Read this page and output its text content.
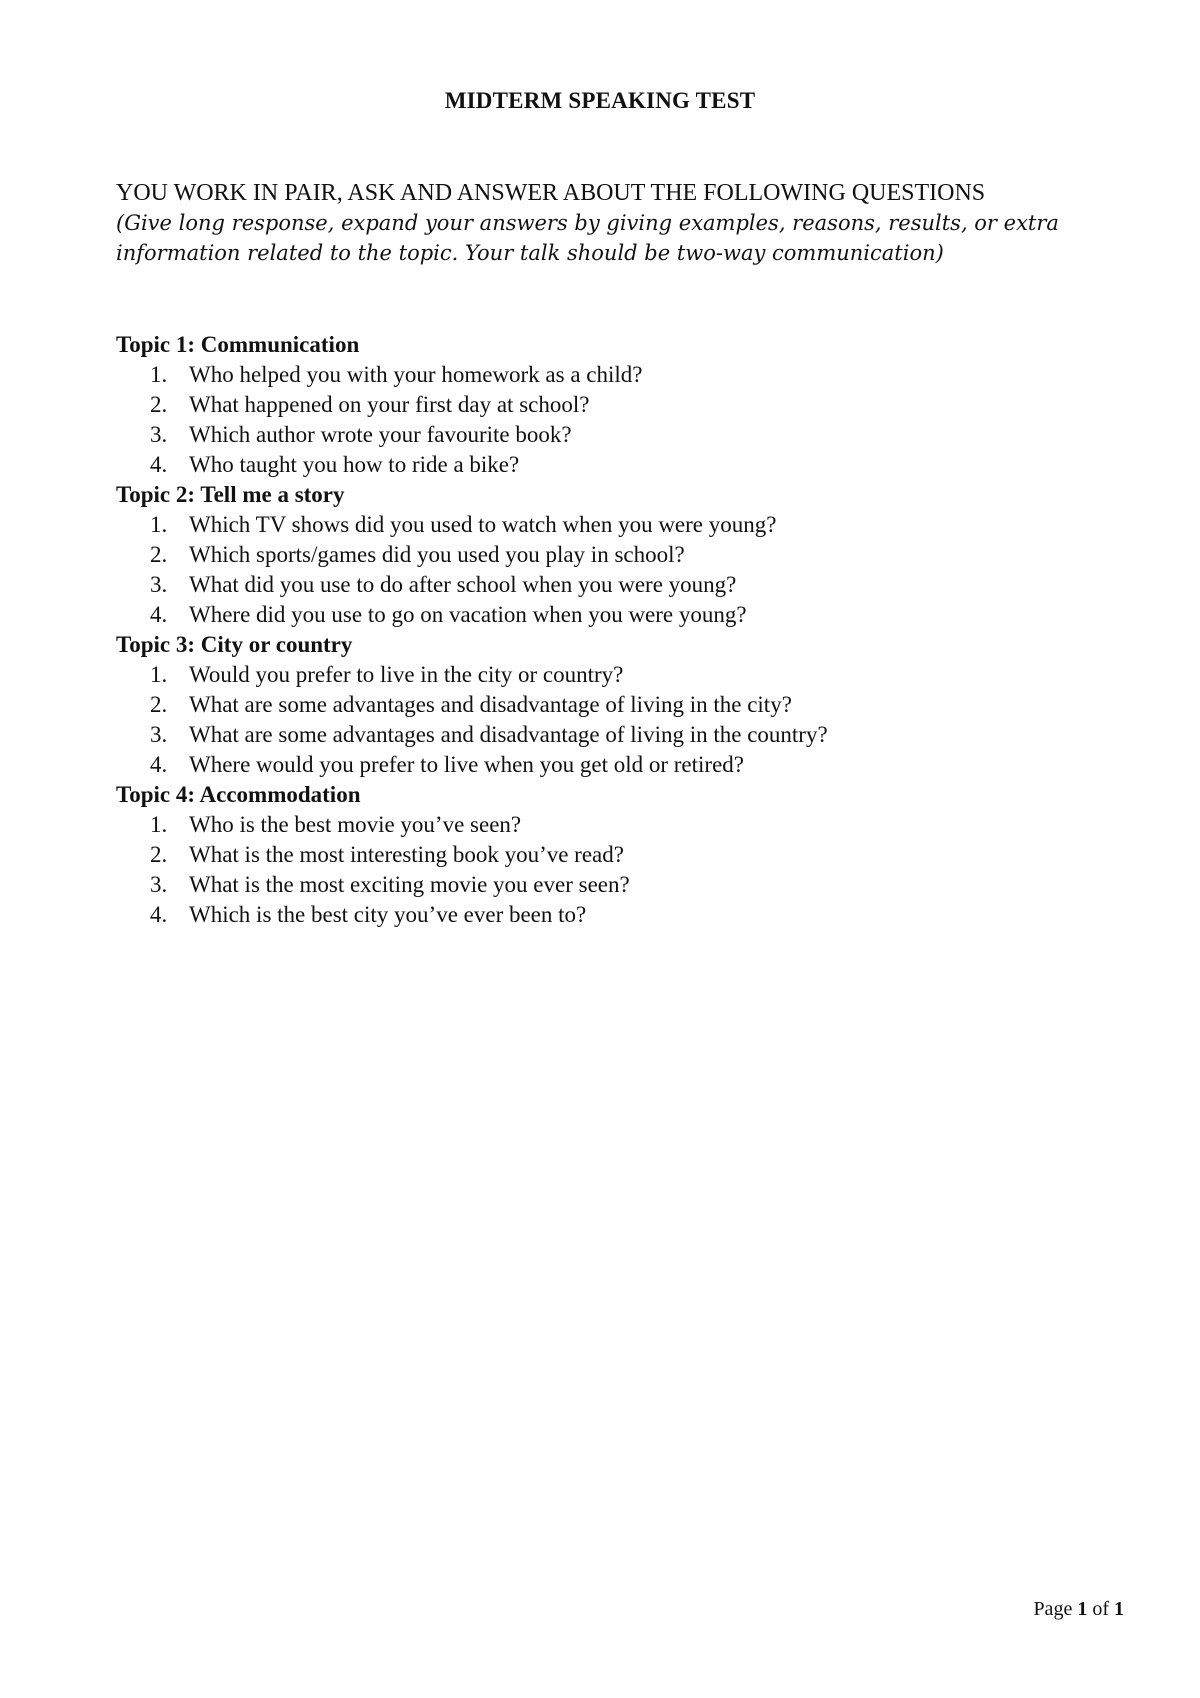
MIDTERM SPEAKING TEST

YOU WORK IN PAIR, ASK AND ANSWER ABOUT THE FOLLOWING QUESTIONS

(Give long response, expand your answers by giving examples, reasons, results, or extra

information related to the topic. Your talk should be two-way communication)

Topic 1: Communication

1. Who helped you with your homework as a child?
2. What happened on your first day at school?
3. Which author wrote your favourite book?
4. Who taught you how to ride a bike?

Topic 2: Tell me a story

1. Which TV shows did you used to watch when you were young?
2. Which sports/games did you used you play in school?
3. What did you use to do after school when you were young?
4. Where did you use to go on vacation when you were young?

Topic 3: City or country

1. Would you prefer to live in the city or country?
2. What are some advantages and disadvantage of living in the city?
3. What are some advantages and disadvantage of living in the country?
4. Where would you prefer to live when you get old or retired?

Topic 4: Accommodation

1. Who is the best movie you’ve seen?
2. What is the most interesting book you’ve read?
3. What is the most exciting movie you ever seen?
4. Which is the best city you’ve ever been to?
Page 1 of 1
